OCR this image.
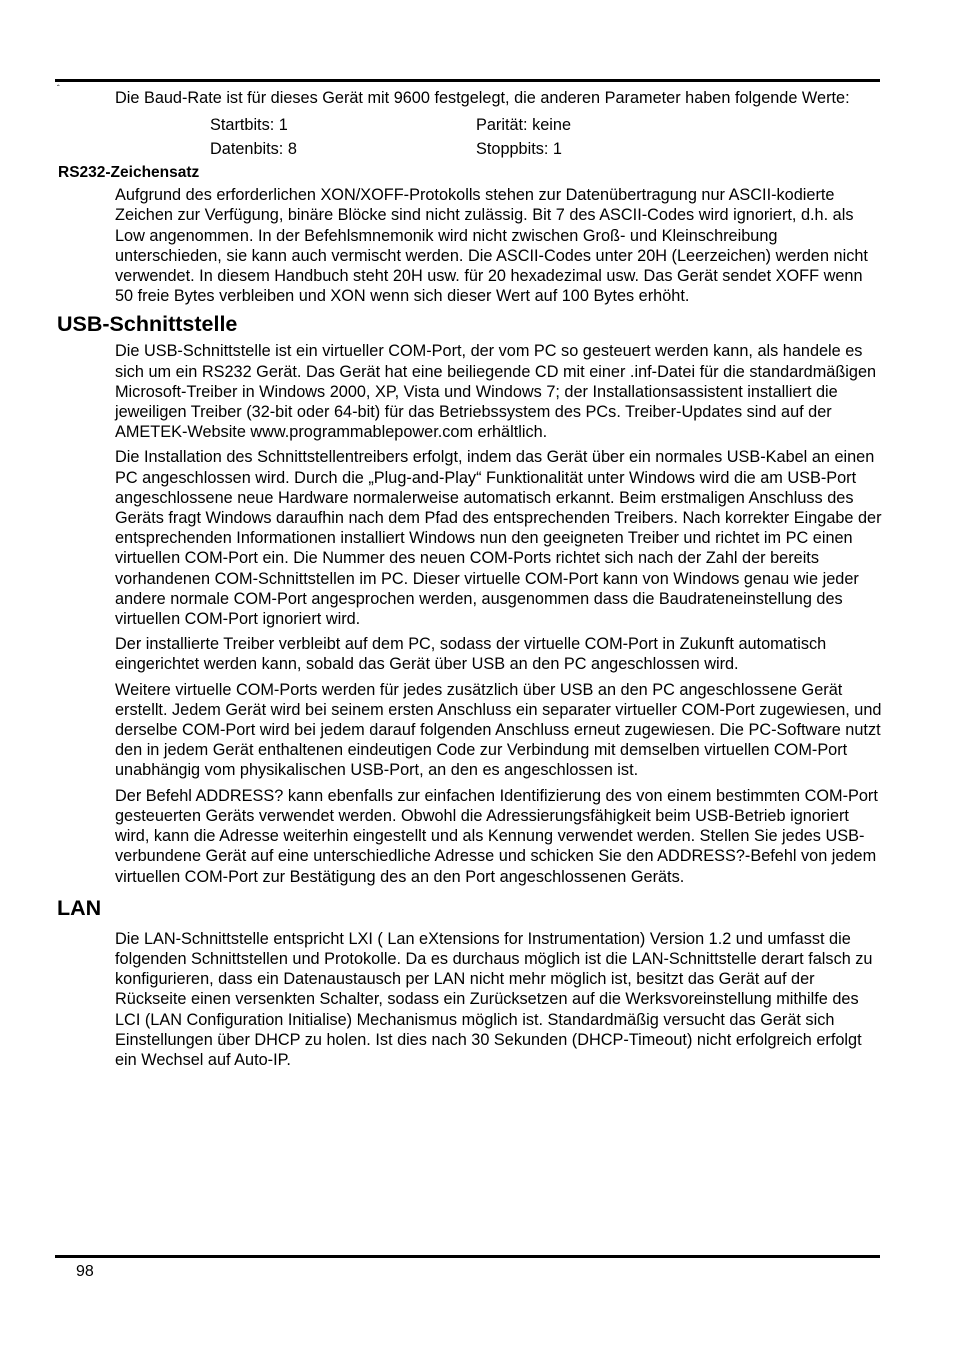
ˆ

Die Baud-Rate ist für dieses Gerät mit 9600 festgelegt, die anderen Parameter haben folgende Werte:

Startbits: 1	Parität: keine
Datenbits: 8	Stoppbits: 1
RS232-Zeichensatz

Aufgrund des erforderlichen XON/XOFF-Protokolls stehen zur Datenübertragung nur ASCII-kodierte Zeichen zur Verfügung, binäre Blöcke sind nicht zulässig. Bit 7 des ASCII-Codes wird ignoriert, d.h. als Low angenommen. In der Befehlsmnemonik wird nicht zwischen Groß- und Kleinschreibung unterschieden, sie kann auch vermischt werden. Die ASCII-Codes unter 20H (Leerzeichen) werden nicht verwendet. In diesem Handbuch steht 20H usw. für 20 hexadezimal usw. Das Gerät sendet XOFF wenn 50 freie Bytes verbleiben und XON wenn sich dieser Wert auf 100 Bytes erhöht.

USB-Schnittstelle

Die USB-Schnittstelle ist ein virtueller COM-Port, der vom PC so gesteuert werden kann, als handele es sich um ein RS232 Gerät. Das Gerät hat eine beiliegende CD mit einer .inf-Datei für die standardmäßigen Microsoft-Treiber in Windows 2000, XP, Vista und Windows 7; der Installationsassistent installiert die jeweiligen Treiber (32-bit oder 64-bit) für das Betriebssystem des PCs. Treiber-Updates sind auf der AMETEK-Website www.programmablepower.com erhältlich.

Die Installation des Schnittstellentreibers erfolgt, indem das Gerät über ein normales USB-Kabel an einen PC angeschlossen wird. Durch die „Plug-and-Play“ Funktionalität unter Windows wird die am USB-Port angeschlossene neue Hardware normalerweise automatisch erkannt. Beim erstmaligen Anschluss des Geräts fragt Windows daraufhin nach dem Pfad des entsprechenden Treibers. Nach korrekter Eingabe der entsprechenden Informationen installiert Windows nun den geeigneten Treiber und richtet im PC einen virtuellen COM-Port ein. Die Nummer des neuen COM-Ports richtet sich nach der Zahl der bereits vorhandenen COM-Schnittstellen im PC. Dieser virtuelle COM-Port kann von Windows genau wie jeder andere normale COM-Port angesprochen werden, ausgenommen dass die Baudrateneinstellung des virtuellen COM-Port ignoriert wird.

Der installierte Treiber verbleibt auf dem PC, sodass der virtuelle COM-Port in Zukunft automatisch eingerichtet werden kann, sobald das Gerät über USB an den PC angeschlossen wird.

Weitere virtuelle COM-Ports werden für jedes zusätzlich über USB an den PC angeschlossene Gerät erstellt. Jedem Gerät wird bei seinem ersten Anschluss ein separater virtueller COM-Port zugewiesen, und derselbe COM-Port wird bei jedem darauf folgenden Anschluss erneut zugewiesen. Die PC-Software nutzt den in jedem Gerät enthaltenen eindeutigen Code zur Verbindung mit demselben virtuellen COM-Port unabhängig vom physikalischen USB-Port, an den es angeschlossen ist.

Der Befehl ADDRESS? kann ebenfalls zur einfachen Identifizierung des von einem bestimmten COM-Port gesteuerten Geräts verwendet werden. Obwohl die Adressierungsfähigkeit beim USB-Betrieb ignoriert wird, kann die Adresse weiterhin eingestellt und als Kennung verwendet werden. Stellen Sie jedes USB-verbundene Gerät auf eine unterschiedliche Adresse und schicken Sie den ADDRESS?-Befehl von jedem virtuellen COM-Port zur Bestätigung des an den Port angeschlossenen Geräts.

LAN

Die LAN-Schnittstelle entspricht LXI ( Lan eXtensions for Instrumentation) Version 1.2 und umfasst die folgenden Schnittstellen und Protokolle. Da es durchaus möglich ist die LAN-Schnittstelle derart falsch zu konfigurieren, dass ein Datenaustausch per LAN nicht mehr möglich ist, besitzt das Gerät auf der Rückseite einen versenkten Schalter, sodass ein Zurücksetzen auf die Werksvoreinstellung mithilfe des LCI (LAN Configuration Initialise) Mechanismus möglich ist. Standardmäßig versucht das Gerät sich Einstellungen über DHCP zu holen. Ist dies nach 30 Sekunden (DHCP-Timeout) nicht erfolgreich erfolgt ein Wechsel auf Auto-IP.

98
